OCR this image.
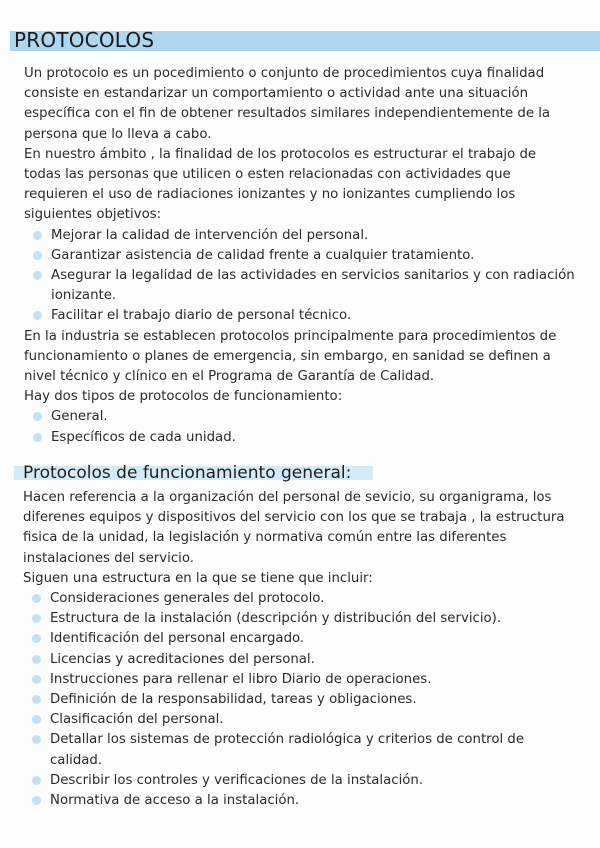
PROTOCOLOS

Un protocolo es un pocedimiento o conjunto de procedimientos cuya finalidad consiste en estandarizar un comportamiento o actividad ante una situación específica con el fin de obtener resultados similares independientemente de la persona que lo lleva a cabo.

En nuestro ámbito , la finalidad de los protocolos es estructurar el trabajo de todas las personas que utilicen o esten relacionadas con actividades que requieren el uso de radiaciones ionizantes y no ionizantes cumpliendo los siguientes objetivos:

Mejorar la calidad de intervención del personal.
Garantizar asistencia de calidad frente a cualquier tratamiento.
Asegurar la legalidad de las actividades en servicios sanitarios y con radiación ionizante.
Facilitar el trabajo diario de personal técnico.

En la industria se establecen protocolos principalmente para procedimientos de funcionamiento o planes de emergencia, sin embargo, en sanidad se definen a nivel técnico y clínico en el Programa de Garantía de Calidad.

Hay dos tipos de protocolos de funcionamiento:

General.
Específicos de cada unidad.
Protocolos de funcionamiento general:

Hacen referencia a la organización del personal de sevicio, su organigrama, los diferenes equipos y dispositivos del servicio con los que se trabaja , la estructura fisica de la unidad, la legislación y normativa común entre las diferentes instalaciones del servicio.

Siguen una estructura en la que se tiene que incluir:

Consideraciones generales del protocolo.
Estructura de la instalación (descripción y distribución del servicio).
Identificación del personal encargado.
Licencias y acreditaciones del personal.
Instrucciones para rellenar el libro Diario de operaciones.
Definición de la responsabilidad, tareas y obligaciones.
Clasificación del personal.
Detallar los sistemas de protección radiológica y criterios de control de calidad.
Describir los controles y verificaciones de la instalación.
Normativa de acceso a la instalación.
